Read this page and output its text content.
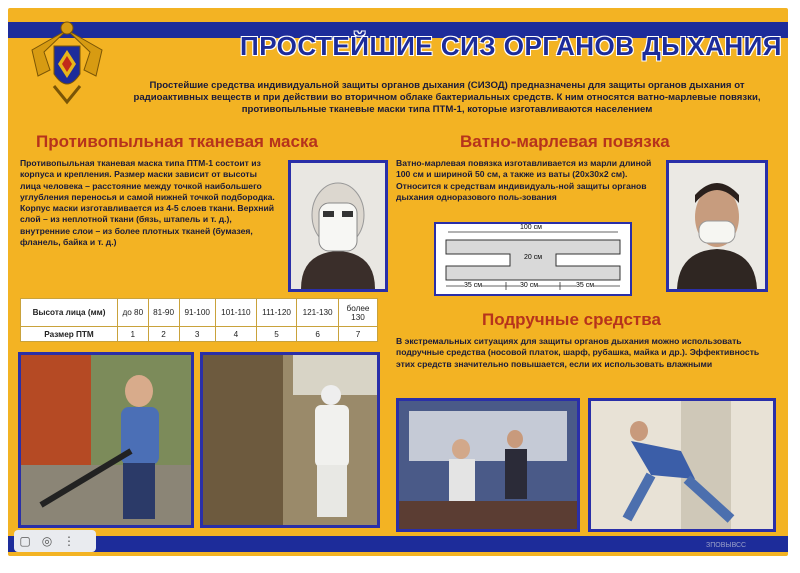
ПРОСТЕЙШИЕ СИЗ ОРГАНОВ ДЫХАНИЯ
Простейшие средства индивидуальной защиты органов дыхания (СИЗОД) предназначены для защиты органов дыхания от радиоактивных веществ и при действии во вторичном облаке бактериальных средств. К ним относятся ватно-марлевые повязки, противопыльные тканевые маски типа ПТМ-1, которые изготавливаются населением
Противопыльная тканевая маска
Противопыльная тканевая маска типа ПТМ-1 состоит из корпуса и крепления. Размер маски зависит от высоты лица человека – расстояние между точкой наибольшего углубления переносья и самой нижней точкой подбородка. Корпус маски изготавливается из 4-5 слоев ткани. Верхний слой – из неплотной ткани (бязь, штапель и т. д.), внутренние слои – из более плотных тканей (бумазея, фланель, байка и т. д.)
Ватно-марлевая повязка
Ватно-марлевая повязка изготавливается из марли длиной 100 см и шириной 50 см, а также из ваты (20х30х2 см). Относится к средствам индивидуаль-ной защиты органов дыхания одноразового поль-зования
100 см
20 см
35 см	30 см	35 см
Высота лица (мм)	до 80	81-90	91-100	101-110	111-120	121-130	более 130
Размер ПТМ	1	2	3	4	5	6	7
Подручные средства
В экстремальных ситуациях для защиты органов дыхания можно использовать подручные средства (носовой платок, шарф, рубашка, майка и др.). Эффективность этих средств значительно повышается, если их использовать влажными
ЗПОВЫВСС
▢ ◎ ⋮
